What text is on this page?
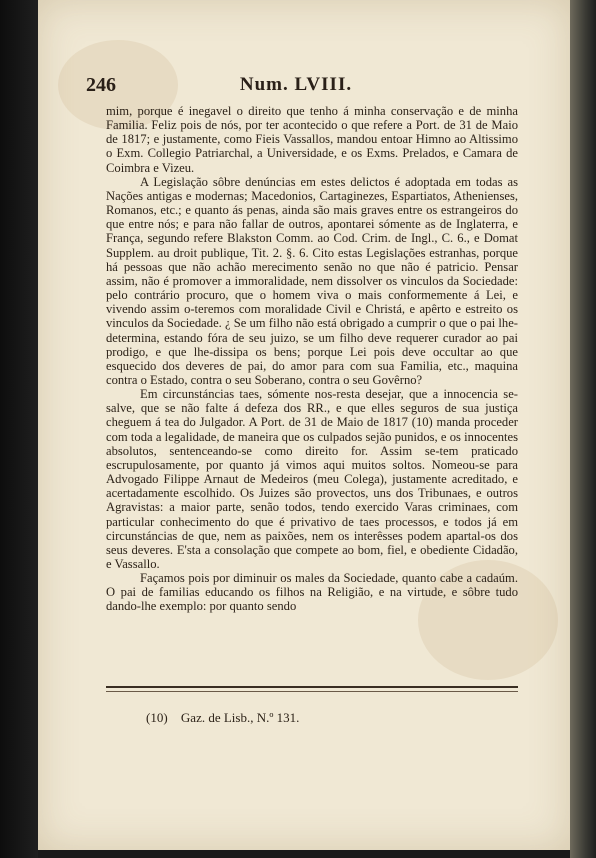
246	Num. LVIII.

mim, porque é inegavel o direito que tenho á minha conservação e de minha Familia. Feliz pois de nós, por ter acontecido o que refere a Port. de 31 de Maio de 1817; e justamente, como Fieis Vassallos, mandou entoar Himno ao Altissimo o Exm. Collegio Patriarchal, a Universidade, e os Exms. Prelados, e Camara de Coimbra e Vizeu.

A Legislação sôbre denúncias em estes delictos é adoptada em todas as Nações antigas e modernas; Macedonios, Cartaginezes, Espartiatos, Athenienses, Romanos, etc.; e quanto ás penas, ainda são mais graves entre os estrangeiros do que entre nós; e para não fallar de outros, apontarei sómente as de Inglaterra, e França, segundo refere Blakston Comm. ao Cod. Crim. de Ingl., C. 6., e Domat Supplem. au droit publique, Tit. 2. §. 6. Cito estas Legislações estranhas, porque há pessoas que não achão merecimento senão no que não é patricio. Pensar assim, não é promover a immoralidade, nem dissolver os vinculos da Sociedade: pelo contrário procuro, que o homem viva o mais conformemente á Lei, e vivendo assim o-teremos com moralidade Civil e Christá, e apêrto e estreito os vinculos da Sociedade. ¿ Se um filho não está obrigado a cumprir o que o pai lhe-determina, estando fóra de seu juizo, se um filho deve requerer curador ao pai prodigo, e que lhe-dissipa os bens; porque Lei pois deve occultar ao que esquecido dos deveres de pai, do amor para com sua Familia, etc., maquina contra o Estado, contra o seu Soberano, contra o seu Govêrno?

Em circunstáncias taes, sómente nos-resta desejar, que a innocencia se-salve, que se não falte á defeza dos RR., e que elles seguros de sua justiça cheguem á tea do Julgador. A Port. de 31 de Maio de 1817 (10) manda proceder com toda a legalidade, de maneira que os culpados sejão punidos, e os innocentes absolutos, sentenceando-se como direito for. Assim se-tem praticado escrupulosamente, por quanto já vimos aqui muitos soltos. Nomeou-se para Advogado Filippe Arnaut de Medeiros (meu Colega), justamente acreditado, e acertadamente escolhido. Os Juizes são provectos, uns dos Tribunaes, e outros Agravistas: a maior parte, senão todos, tendo exercido Varas criminaes, com particular conhecimento do que é privativo de taes processos, e todos já em circunstáncias de que, nem as paixões, nem os interêsses podem apartal-os dos seus deveres. E'sta a consolação que compete ao bom, fiel, e obediente Cidadão, e Vassallo.

Façamos pois por diminuir os males da Sociedade, quanto cabe a cadaúm. O pai de familias educando os filhos na Religião, e na virtude, e sôbre tudo dando-lhe exemplo: por quanto sendo

(10) Gaz. de Lisb., N.º 131.
